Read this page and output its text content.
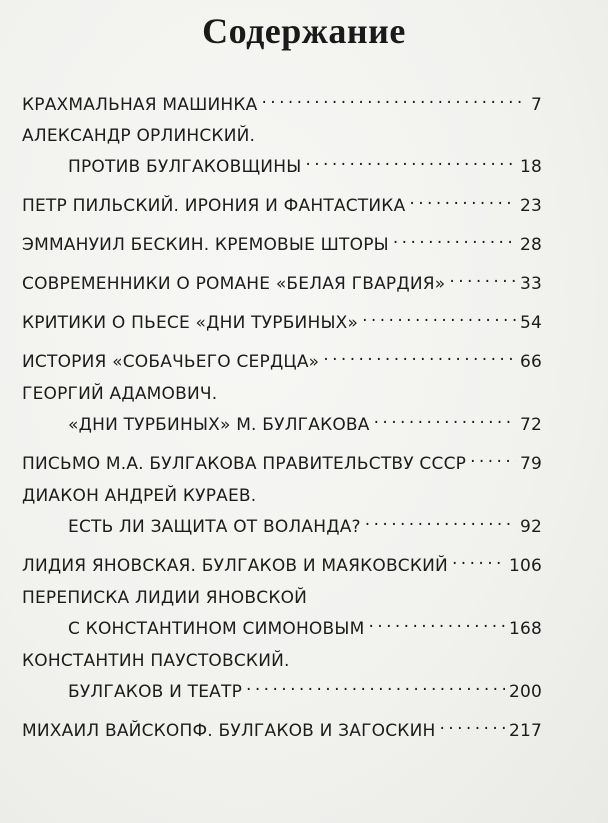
Содержание
КРАХМАЛЬНАЯ МАШИНКА . . .	7
АЛЕКСАНДР ОРЛИНСКИЙ.
ПРОТИВ БУЛГАКОВЩИНЫ . . .	18
ПЕТР ПИЛЬСКИЙ. ИРОНИЯ И ФАНТАСТИКА . . .	23
ЭММАНУИЛ БЕСКИН. КРЕМОВЫЕ ШТОРЫ . . .	28
СОВРЕМЕННИКИ О РОМАНЕ «БЕЛАЯ ГВАРДИЯ» . . .	33
КРИТИКИ О ПЬЕСЕ «ДНИ ТУРБИНЫХ» . . .	54
ИСТОРИЯ «СОБАЧЬЕГО СЕРДЦА» . . .	66
ГЕОРГИЙ АДАМОВИЧ.
«ДНИ ТУРБИНЫХ» М. БУЛГАКОВА . . .	72
ПИСЬМО М.А. БУЛГАКОВА ПРАВИТЕЛЬСТВУ СССР . . .	79
ДИАКОН АНДРЕЙ КУРАЕВ.
ЕСТЬ ЛИ ЗАЩИТА ОТ ВОЛАНДА? . . .	92
ЛИДИЯ ЯНОВСКАЯ. БУЛГАКОВ И МАЯКОВСКИЙ . . .	106
ПЕРЕПИСКА ЛИДИИ ЯНОВСКОЙ
С КОНСТАНТИНОМ СИМОНОВЫМ . . .	168
КОНСТАНТИН ПАУСТОВСКИЙ.
БУЛГАКОВ И ТЕАТР . . .	200
МИХАИЛ ВАЙСКОПФ. БУЛГАКОВ И ЗАГОСКИН . . .	217
